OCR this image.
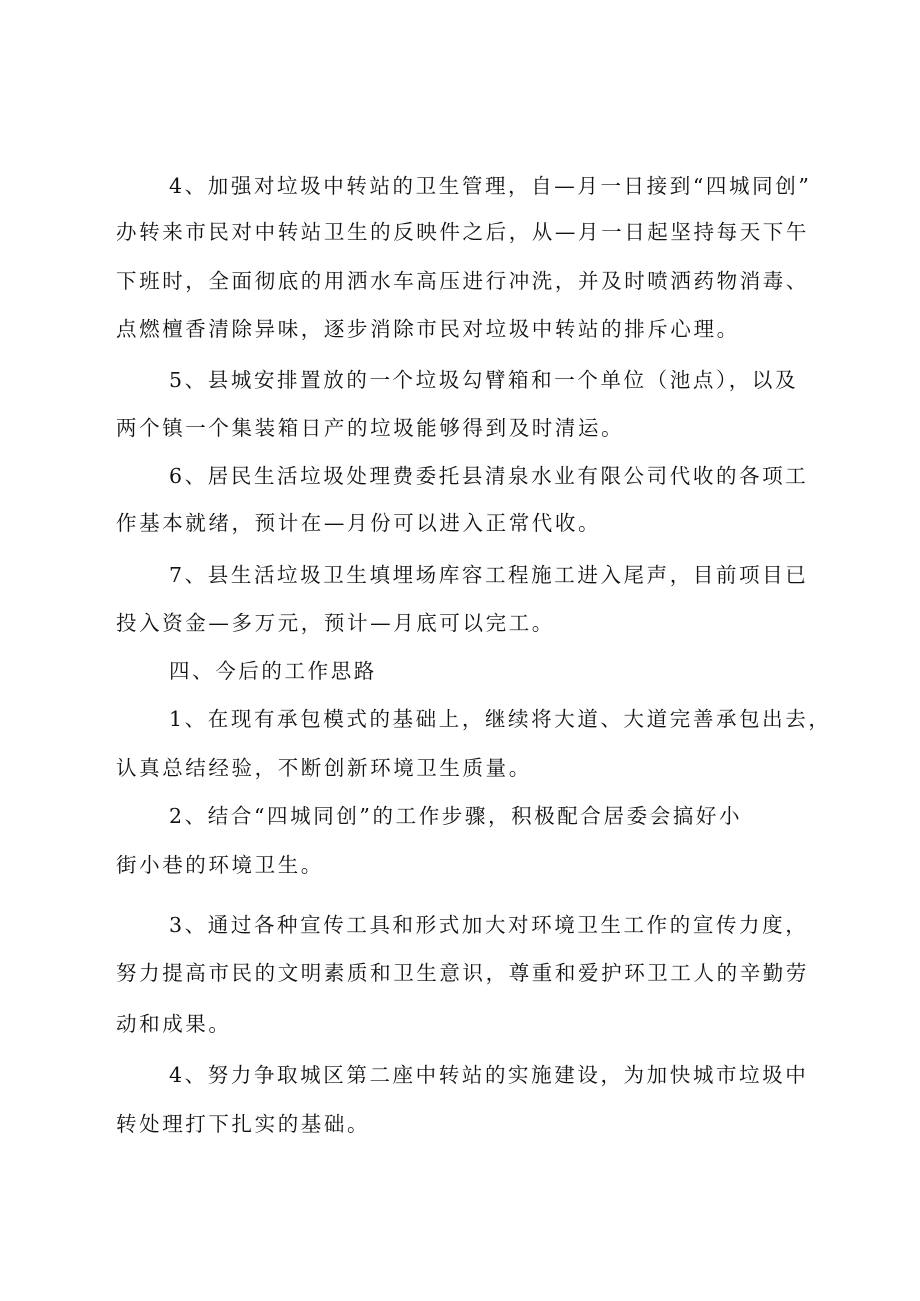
4、加强对垃圾中转站的卫生管理，自—月一日接到“四城同创”
办转来市民对中转站卫生的反映件之后，从—月一日起坚持每天下午
下班时，全面彻底的用洒水车高压进行冲洗，并及时喷洒药物消毒、
点燃檀香清除异味，逐步消除市民对垃圾中转站的排斥心理。
5、县城安排置放的一个垃圾勾臂箱和一个单位（池点），以及
两个镇一个集装箱日产的垃圾能够得到及时清运。
6、居民生活垃圾处理费委托县清泉水业有限公司代收的各项工
作基本就绪，预计在—月份可以进入正常代收。
7、县生活垃圾卫生填埋场库容工程施工进入尾声，目前项目已
投入资金—多万元，预计—月底可以完工。
四、今后的工作思路
1、在现有承包模式的基础上，继续将大道、大道完善承包出去，
认真总结经验，不断创新环境卫生质量。
2、结合“四城同创”的工作步骤，积极配合居委会搞好小
街小巷的环境卫生。
3、通过各种宣传工具和形式加大对环境卫生工作的宣传力度，
努力提高市民的文明素质和卫生意识，尊重和爱护环卫工人的辛勤劳
动和成果。
4、努力争取城区第二座中转站的实施建设，为加快城市垃圾中
转处理打下扎实的基础。
